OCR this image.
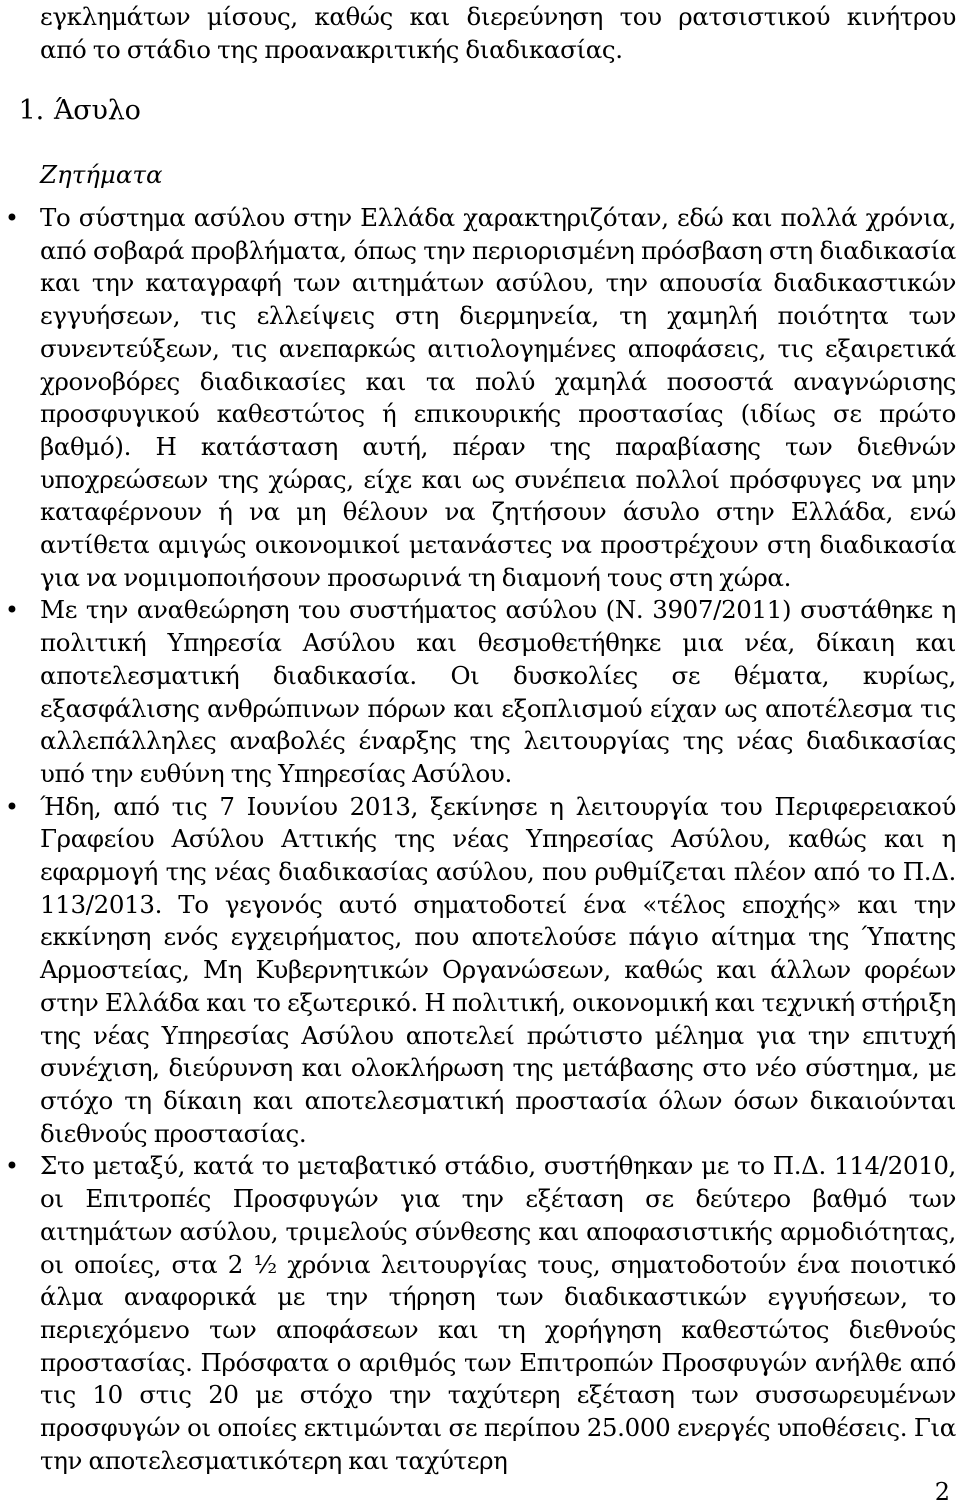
εγκλημάτων μίσους, καθώς και διερεύνηση του ρατσιστικού κινήτρου

από το στάδιο της προανακριτικής διαδικασίας.

1. Άσυλο
Ζητήματα
• Το σύστημα ασύλου στην Ελλάδα χαρακτηριζόταν, εδώ και πολλά χρόνια, από σοβαρά προβλήματα, όπως την περιορισμένη πρόσβαση στη διαδικασία και την καταγραφή των αιτημάτων ασύλου, την απουσία διαδικαστικών εγγυήσεων, τις ελλείψεις στη διερμηνεία, τη χαμηλή ποιότητα των συνεντεύξεων, τις ανεπαρκώς αιτιολογημένες αποφάσεις, τις εξαιρετικά χρονοβόρες διαδικασίες και τα πολύ χαμηλά ποσοστά αναγνώρισης προσφυγικού καθεστώτος ή επικουρικής προστασίας (ιδίως σε πρώτο βαθμό). Η κατάσταση αυτή, πέραν της παραβίασης των διεθνών υποχρεώσεων της χώρας, είχε και ως συνέπεια πολλοί πρόσφυγες να μην καταφέρνουν ή να μη θέλουν να ζητήσουν άσυλο στην Ελλάδα, ενώ αντίθετα αμιγώς οικονομικοί μετανάστες να προστρέχουν στη διαδικασία για να νομιμοποιήσουν προσωρινά τη διαμονή τους στη χώρα.

• Με την αναθεώρηση του συστήματος ασύλου (Ν. 3907/2011) συστάθηκε η πολιτική Υπηρεσία Ασύλου και θεσμοθετήθηκε μια νέα, δίκαιη και αποτελεσματική διαδικασία. Οι δυσκολίες σε θέματα, κυρίως, εξασφάλισης ανθρώπινων πόρων και εξοπλισμού είχαν ως αποτέλεσμα τις αλλεπάλληλες αναβολές έναρξης της λειτουργίας της νέας διαδικασίας υπό την ευθύνη της Υπηρεσίας Ασύλου.

• Ήδη, από τις 7 Ιουνίου 2013, ξεκίνησε η λειτουργία του Περιφερειακού Γραφείου Ασύλου Αττικής της νέας Υπηρεσίας Ασύλου, καθώς και η εφαρμογή της νέας διαδικασίας ασύλου, που ρυθμίζεται πλέον από το Π.Δ. 113/2013. Το γεγονός αυτό σηματοδοτεί ένα «τέλος εποχής» και την εκκίνηση ενός εγχειρήματος, που αποτελούσε πάγιο αίτημα της Ύπατης Αρμοστείας, Μη Κυβερνητικών Οργανώσεων, καθώς και άλλων φορέων στην Ελλάδα και το εξωτερικό. Η πολιτική, οικονομική και τεχνική στήριξη της νέας Υπηρεσίας Ασύλου αποτελεί πρώτιστο μέλημα για την επιτυχή συνέχιση, διεύρυνση και ολοκλήρωση της μετάβασης στο νέο σύστημα, με στόχο τη δίκαιη και αποτελεσματική προστασία όλων όσων δικαιούνται διεθνούς προστασίας.

• Στο μεταξύ, κατά το μεταβατικό στάδιο, συστήθηκαν με το Π.Δ. 114/2010, οι Επιτροπές Προσφυγών για την εξέταση σε δεύτερο βαθμό των αιτημάτων ασύλου, τριμελούς σύνθεσης και αποφασιστικής αρμοδιότητας, οι οποίες, στα 2 ½ χρόνια λειτουργίας τους, σηματοδοτούν ένα ποιοτικό άλμα αναφορικά με την τήρηση των διαδικαστικών εγγυήσεων, το περιεχόμενο των αποφάσεων και τη χορήγηση καθεστώτος διεθνούς προστασίας. Πρόσφατα ο αριθμός των Επιτροπών Προσφυγών ανήλθε από τις 10 στις 20 με στόχο την ταχύτερη εξέταση των συσσωρευμένων προσφυγών οι οποίες εκτιμώνται σε περίπου 25.000 ενεργές υποθέσεις. Για την αποτελεσματικότερη και ταχύτερη

2
